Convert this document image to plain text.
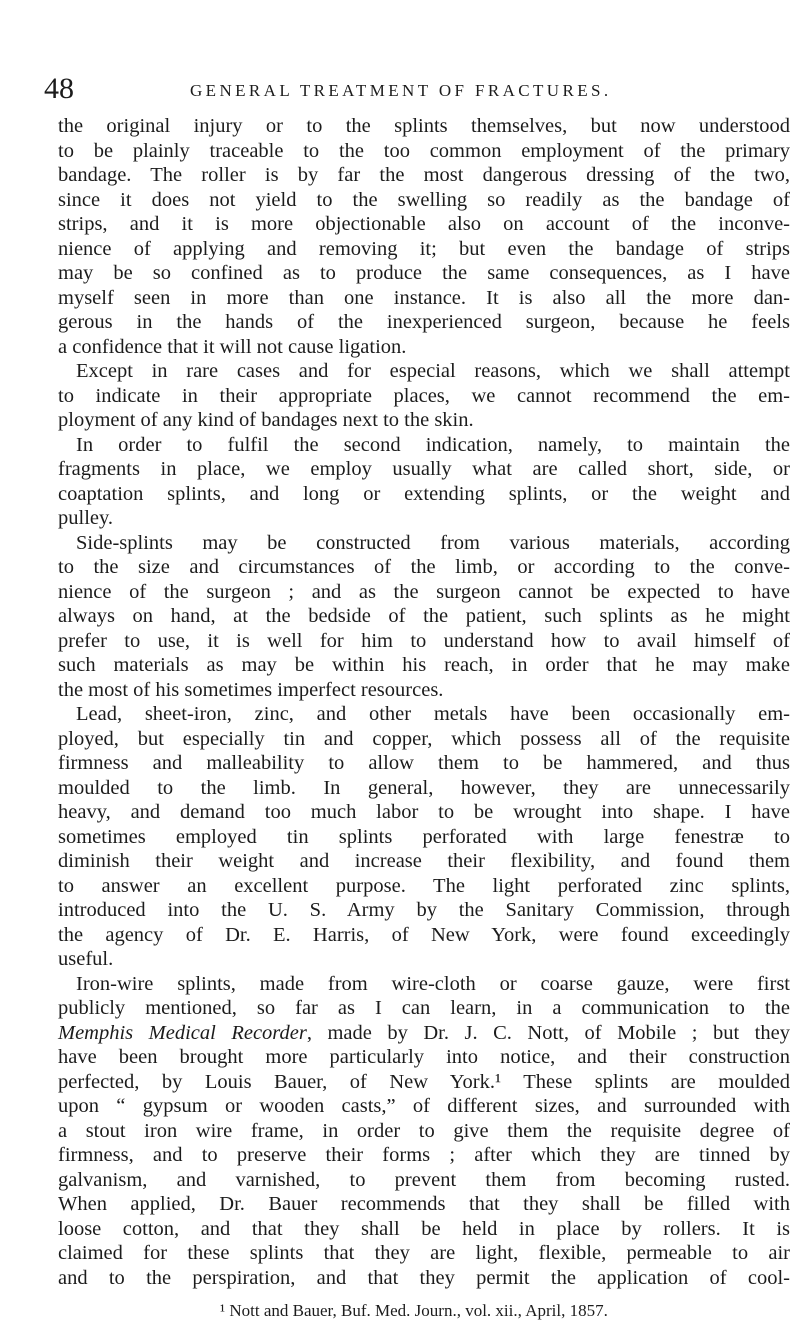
48	GENERAL TREATMENT OF FRACTURES.
the original injury or to the splints themselves, but now understood
to be plainly traceable to the too common employment of the primary
bandage. The roller is by far the most dangerous dressing of the two,
since it does not yield to the swelling so readily as the bandage of
strips, and it is more objectionable also on account of the inconve-
nience of applying and removing it; but even the bandage of strips
may be so confined as to produce the same consequences, as I have
myself seen in more than one instance. It is also all the more dan-
gerous in the hands of the inexperienced surgeon, because he feels
a confidence that it will not cause ligation.
Except in rare cases and for especial reasons, which we shall attempt
to indicate in their appropriate places, we cannot recommend the em-
ployment of any kind of bandages next to the skin.
In order to fulfil the second indication, namely, to maintain the
fragments in place, we employ usually what are called short, side, or
coaptation splints, and long or extending splints, or the weight and
pulley.
Side-splints may be constructed from various materials, according
to the size and circumstances of the limb, or according to the conve-
nience of the surgeon ; and as the surgeon cannot be expected to have
always on hand, at the bedside of the patient, such splints as he might
prefer to use, it is well for him to understand how to avail himself of
such materials as may be within his reach, in order that he may make
the most of his sometimes imperfect resources.
Lead, sheet-iron, zinc, and other metals have been occasionally em-
ployed, but especially tin and copper, which possess all of the requisite
firmness and malleability to allow them to be hammered, and thus
moulded to the limb. In general, however, they are unnecessarily
heavy, and demand too much labor to be wrought into shape. I have
sometimes employed tin splints perforated with large fenestræ to
diminish their weight and increase their flexibility, and found them
to answer an excellent purpose. The light perforated zinc splints,
introduced into the U. S. Army by the Sanitary Commission, through
the agency of Dr. E. Harris, of New York, were found exceedingly
useful.
Iron-wire splints, made from wire-cloth or coarse gauze, were first
publicly mentioned, so far as I can learn, in a communication to the
Memphis Medical Recorder, made by Dr. J. C. Nott, of Mobile ; but they
have been brought more particularly into notice, and their construction
perfected, by Louis Bauer, of New York.¹ These splints are moulded
upon “ gypsum or wooden casts,” of different sizes, and surrounded with
a stout iron wire frame, in order to give them the requisite degree of
firmness, and to preserve their forms ; after which they are tinned by
galvanism, and varnished, to prevent them from becoming rusted.
When applied, Dr. Bauer recommends that they shall be filled with
loose cotton, and that they shall be held in place by rollers. It is
claimed for these splints that they are light, flexible, permeable to air
and to the perspiration, and that they permit the application of cool-
¹ Nott and Bauer, Buf. Med. Journ., vol. xii., April, 1857.
